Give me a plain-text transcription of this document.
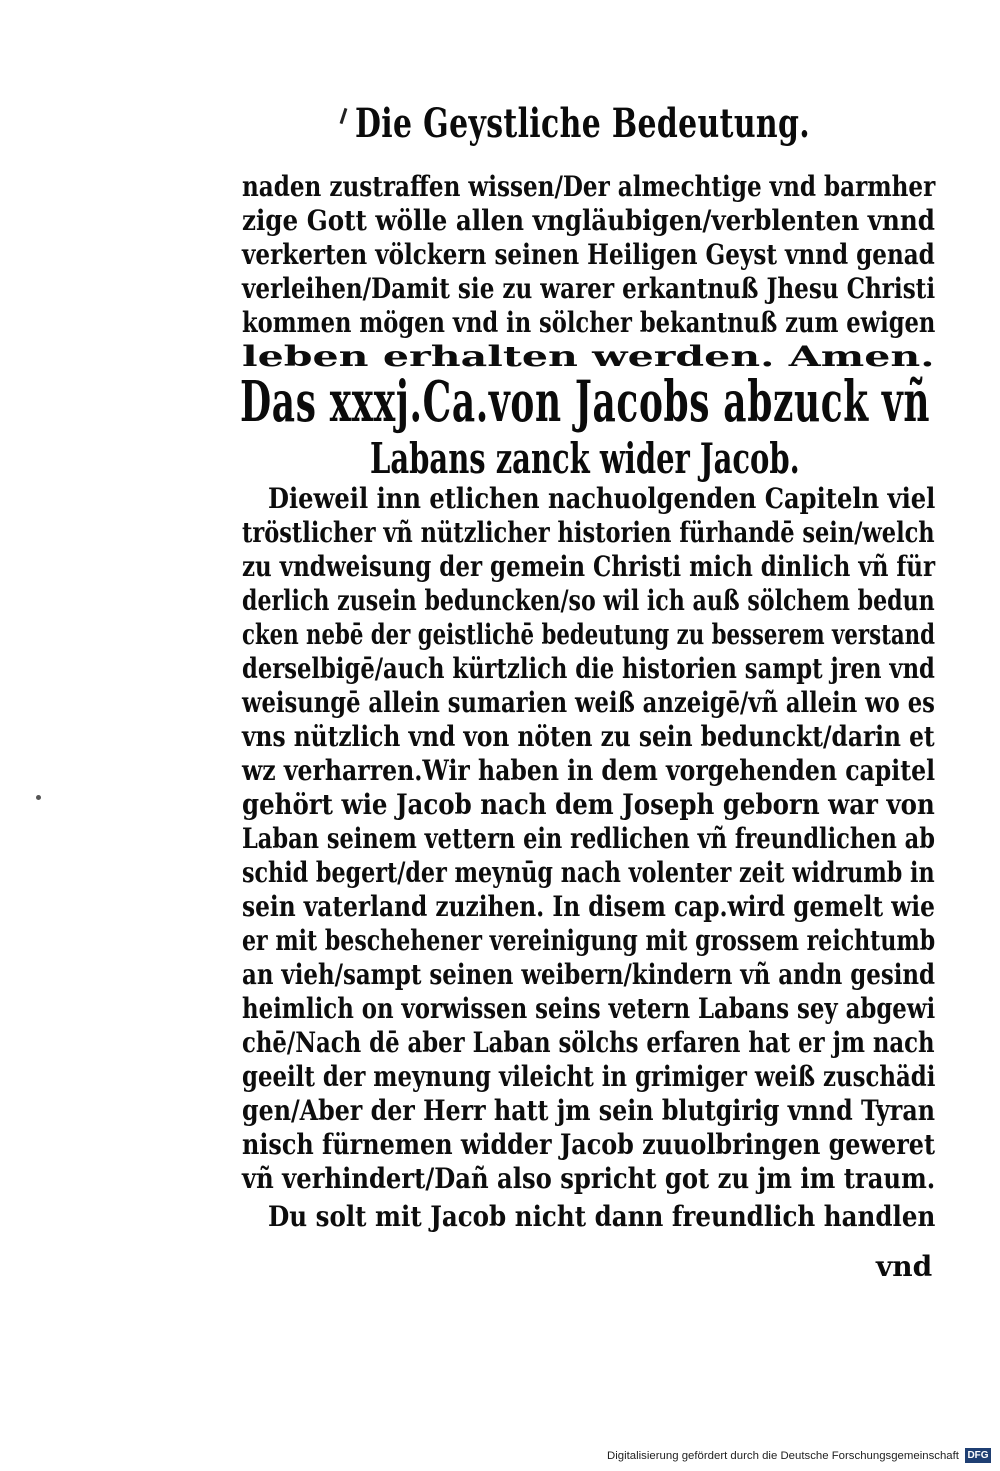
Die Geystliche Bedeutung.
naden zustraffen wissen/Der almechtige vnd barmher
zige Gott wölle allen vngläubigen/verblenten vnnd
verkerten völckern seinen Heiligen Geyst vnnd genad
verleihen/Damit sie zu warer erkantnuß Jhesu Christi
kommen mögen vnd in sölcher bekantnuß zum ewigen
leben erhalten werden. Amen.
Das xxxj.Ca.von Jacobs abzuck vñ
Labans zanck wider Jacob.
Dieweil inn etlichen nachuolgenden Capiteln viel
tröstlicher vñ nützlicher historien fürhandē sein/welch
zu vndweisung der gemein Christi mich dinlich vñ für
derlich zusein beduncken/so wil ich auß sölchem bedun
cken nebē der geistlichē bedeutung zu besserem verstand
derselbigē/auch kürtzlich die historien sampt jren vnd
weisungē allein sumarien weiß anzeigē/vñ allein wo es
vns nützlich vnd von nöten zu sein bedunckt/darin et
wz verharren.Wir haben in dem vorgehenden capitel
gehört wie Jacob nach dem Joseph geborn war von
Laban seinem vettern ein redlichen vñ freundlichen ab
schid begert/der meynūg nach volenter zeit widrumb in
sein vaterland zuzihen. In disem cap.wird gemelt wie
er mit beschehener vereinigung mit grossem reichtumb
an vieh/sampt seinen weibern/kindern vñ andn gesind
heimlich on vorwissen seins vetern Labans sey abgewi
chē/Nach dē aber Laban sölchs erfaren hat er jm nach
geeilt der meynung vileicht in grimiger weiß zuschädi
gen/Aber der Herr hatt jm sein blutgirig vnnd Tyran
nisch fürnemen widder Jacob zuuolbringen geweret
vñ verhindert/Dañ also spricht got zu jm im traum.
Du solt mit Jacob nicht dann freundlich handlen
vnd
Digitalisierung gefördert durch die Deutsche Forschungsgemeinschaft DFG
